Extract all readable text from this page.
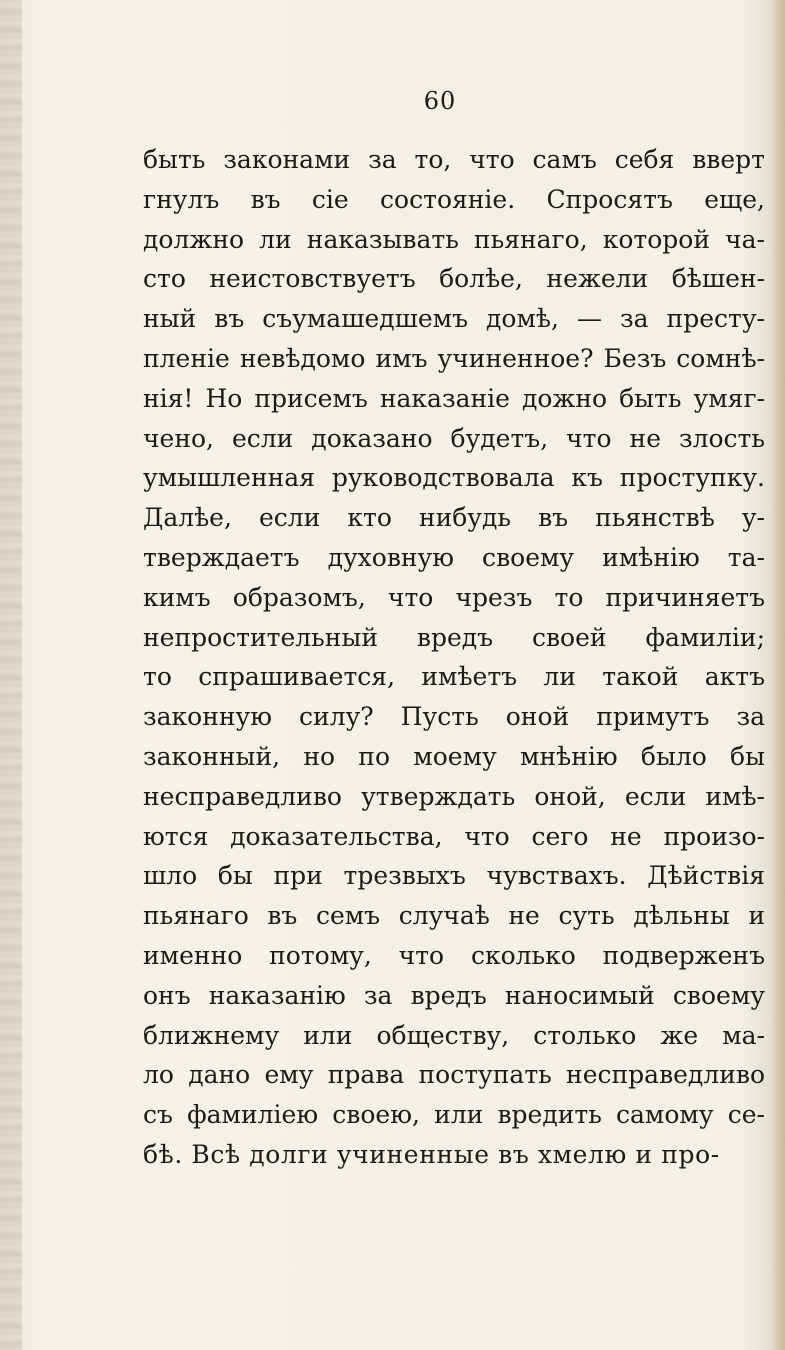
60
быть законами за то, что самъ себя вверт
гнулъ въ сіе состояніе. Спросятъ еще,
должно ли наказывать пьянаго, которой ча-
сто неистовствуетъ болѣе, нежели бѣшен-
ный въ съумашедшемъ домѣ, — за престу-
пленіе невѣдомо имъ учиненное? Безъ сомнѣ-
нія! Но присемъ наказаніе дожно быть умяг-
чено, если доказано будетъ, что не злость
умышленная руководствовала къ проступку.
Далѣе, если кто нибудь въ пьянствѣ у-
тверждаетъ духовную своему имѣнію та-
кимъ образомъ, что чрезъ то причиняетъ
непростительный вредъ своей фамиліи;
то спрашивается, имѣетъ ли такой актъ
законную силу? Пусть оной примутъ за
законный, но по моему мнѣнію было бы
несправедливо утверждать оной, если имѣ-
ются доказательства, что сего не произо-
шло бы при трезвыхъ чувствахъ. Дѣйствія
пьянаго въ семъ случаѣ не суть дѣльны и
именно потому, что сколько подверженъ
онъ наказанію за вредъ наносимый своему
ближнему или обществу, столько же ма-
ло дано ему права поступать несправедливо
съ фамиліею своею, или вредить самому се-
бѣ. Всѣ долги учиненные въ хмелю и про-
